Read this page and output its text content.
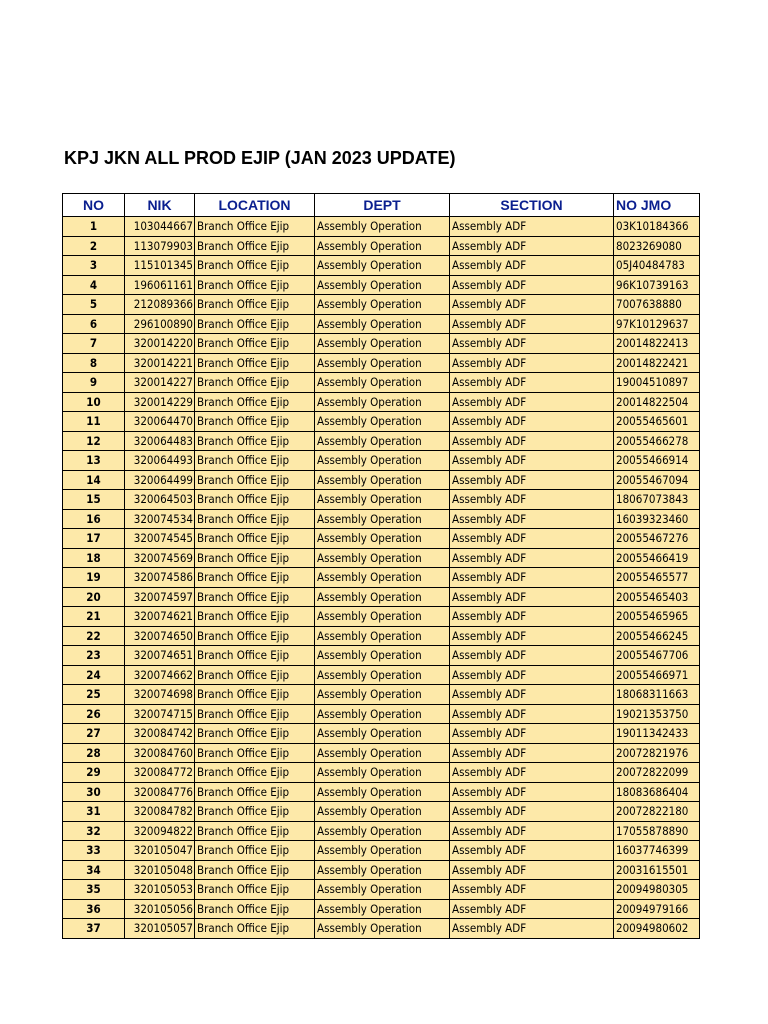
KPJ JKN ALL PROD EJIP (JAN 2023 UPDATE)
NO	NIK	LOCATION	DEPT	SECTION	NO JMO
1	103044667	Branch Office Ejip	Assembly Operation	Assembly ADF	03K10184366
2	113079903	Branch Office Ejip	Assembly Operation	Assembly ADF	8023269080
3	115101345	Branch Office Ejip	Assembly Operation	Assembly ADF	05J40484783
4	196061161	Branch Office Ejip	Assembly Operation	Assembly ADF	96K10739163
5	212089366	Branch Office Ejip	Assembly Operation	Assembly ADF	7007638880
6	296100890	Branch Office Ejip	Assembly Operation	Assembly ADF	97K10129637
7	320014220	Branch Office Ejip	Assembly Operation	Assembly ADF	20014822413
8	320014221	Branch Office Ejip	Assembly Operation	Assembly ADF	20014822421
9	320014227	Branch Office Ejip	Assembly Operation	Assembly ADF	19004510897
10	320014229	Branch Office Ejip	Assembly Operation	Assembly ADF	20014822504
11	320064470	Branch Office Ejip	Assembly Operation	Assembly ADF	20055465601
12	320064483	Branch Office Ejip	Assembly Operation	Assembly ADF	20055466278
13	320064493	Branch Office Ejip	Assembly Operation	Assembly ADF	20055466914
14	320064499	Branch Office Ejip	Assembly Operation	Assembly ADF	20055467094
15	320064503	Branch Office Ejip	Assembly Operation	Assembly ADF	18067073843
16	320074534	Branch Office Ejip	Assembly Operation	Assembly ADF	16039323460
17	320074545	Branch Office Ejip	Assembly Operation	Assembly ADF	20055467276
18	320074569	Branch Office Ejip	Assembly Operation	Assembly ADF	20055466419
19	320074586	Branch Office Ejip	Assembly Operation	Assembly ADF	20055465577
20	320074597	Branch Office Ejip	Assembly Operation	Assembly ADF	20055465403
21	320074621	Branch Office Ejip	Assembly Operation	Assembly ADF	20055465965
22	320074650	Branch Office Ejip	Assembly Operation	Assembly ADF	20055466245
23	320074651	Branch Office Ejip	Assembly Operation	Assembly ADF	20055467706
24	320074662	Branch Office Ejip	Assembly Operation	Assembly ADF	20055466971
25	320074698	Branch Office Ejip	Assembly Operation	Assembly ADF	18068311663
26	320074715	Branch Office Ejip	Assembly Operation	Assembly ADF	19021353750
27	320084742	Branch Office Ejip	Assembly Operation	Assembly ADF	19011342433
28	320084760	Branch Office Ejip	Assembly Operation	Assembly ADF	20072821976
29	320084772	Branch Office Ejip	Assembly Operation	Assembly ADF	20072822099
30	320084776	Branch Office Ejip	Assembly Operation	Assembly ADF	18083686404
31	320084782	Branch Office Ejip	Assembly Operation	Assembly ADF	20072822180
32	320094822	Branch Office Ejip	Assembly Operation	Assembly ADF	17055878890
33	320105047	Branch Office Ejip	Assembly Operation	Assembly ADF	16037746399
34	320105048	Branch Office Ejip	Assembly Operation	Assembly ADF	20031615501
35	320105053	Branch Office Ejip	Assembly Operation	Assembly ADF	20094980305
36	320105056	Branch Office Ejip	Assembly Operation	Assembly ADF	20094979166
37	320105057	Branch Office Ejip	Assembly Operation	Assembly ADF	20094980602
